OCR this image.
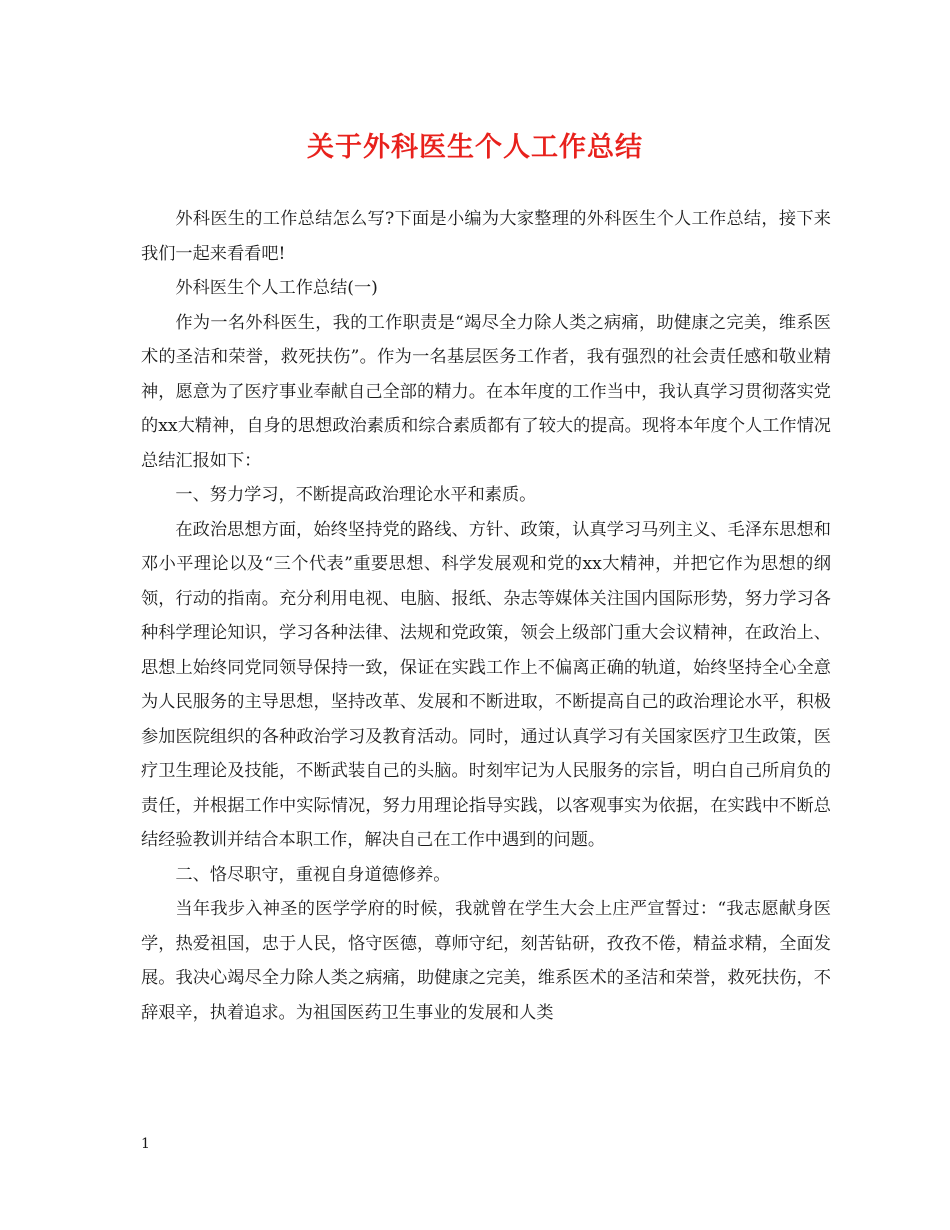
关于外科医生个人工作总结

外科医生的工作总结怎么写?下面是小编为大家整理的外科医生个人工作总结，接下来我们一起来看看吧!

外科医生个人工作总结(一)

作为一名外科医生，我的工作职责是“竭尽全力除人类之病痛，助健康之完美，维系医术的圣洁和荣誉，救死扶伤”。作为一名基层医务工作者，我有强烈的社会责任感和敬业精神，愿意为了医疗事业奉献自己全部的精力。在本年度的工作当中，我认真学习贯彻落实党的xx大精神，自身的思想政治素质和综合素质都有了较大的提高。现将本年度个人工作情况总结汇报如下：

一、努力学习，不断提高政治理论水平和素质。

在政治思想方面，始终坚持党的路线、方针、政策，认真学习马列主义、毛泽东思想和邓小平理论以及“三个代表”重要思想、科学发展观和党的xx大精神，并把它作为思想的纲领，行动的指南。充分利用电视、电脑、报纸、杂志等媒体关注国内国际形势，努力学习各种科学理论知识，学习各种法律、法规和党政策，领会上级部门重大会议精神，在政治上、思想上始终同党同领导保持一致，保证在实践工作上不偏离正确的轨道，始终坚持全心全意为人民服务的主导思想，坚持改革、发展和不断进取，不断提高自己的政治理论水平，积极参加医院组织的各种政治学习及教育活动。同时，通过认真学习有关国家医疗卫生政策，医疗卫生理论及技能，不断武装自己的头脑。时刻牢记为人民服务的宗旨，明白自己所肩负的责任，并根据工作中实际情况，努力用理论指导实践，以客观事实为依据，在实践中不断总结经验教训并结合本职工作，解决自己在工作中遇到的问题。

二、恪尽职守，重视自身道德修养。

当年我步入神圣的医学学府的时候，我就曾在学生大会上庄严宣誓过：“我志愿献身医学，热爱祖国，忠于人民，恪守医德，尊师守纪，刻苦钻研，孜孜不倦，精益求精，全面发展。我决心竭尽全力除人类之病痛，助健康之完美，维系医术的圣洁和荣誉，救死扶伤，不辞艰辛，执着追求。为祖国医药卫生事业的发展和人类

1
